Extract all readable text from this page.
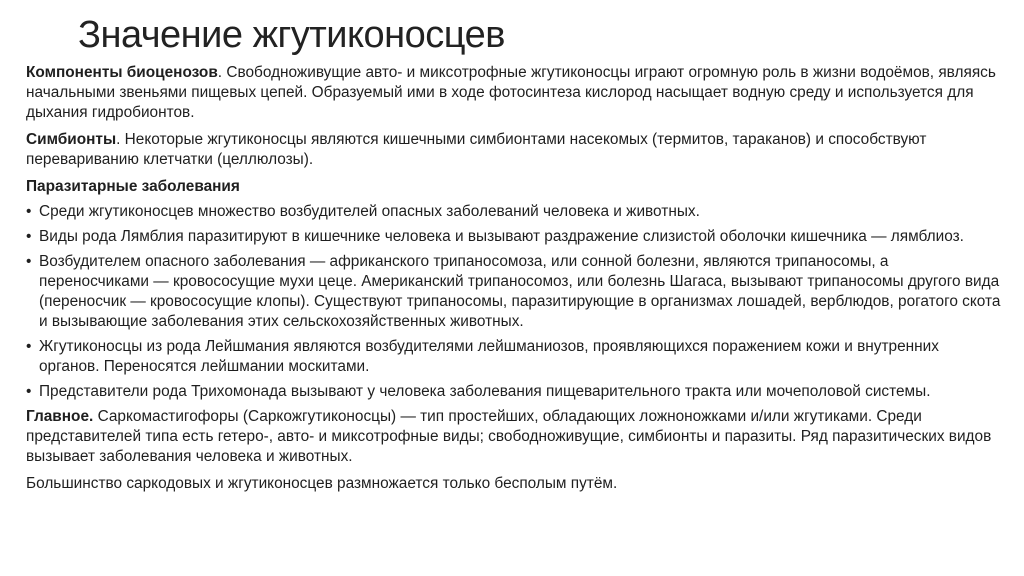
Значение жгутиконосцев

Компоненты биоценозов. Свободноживущие авто- и миксотрофные жгутиконосцы играют огромную роль в жизни водоёмов, являясь начальными звеньями пищевых цепей. Образуемый ими в ходе фотосинтеза кислород насыщает водную среду и используется для дыхания гидробионтов.

Симбионты. Некоторые жгутиконосцы являются кишечными симбионтами насекомых (термитов, тараканов) и способствуют перевариванию клетчатки (целлюлозы).

Паразитарные заболевания

• Среди жгутиконосцев множество возбудителей опасных заболеваний человека и животных.
• Виды рода Лямблия паразитируют в кишечнике человека и вызывают раздражение слизистой оболочки кишечника — лямблиоз.
• Возбудителем опасного заболевания — африканского трипаносомоза, или сонной болезни, являются трипаносомы, а переносчиками — кровососущие мухи цеце. Американский трипаносомоз, или болезнь Шагаса, вызывают трипаносомы другого вида (переносчик — кровососущие клопы). Существуют трипаносомы, паразитирующие в организмах лошадей, верблюдов, рогатого скота и вызывающие заболевания этих сельскохозяйственных животных.
• Жгутиконосцы из рода Лейшмания являются возбудителями лейшманиозов, проявляющихся поражением кожи и внутренних органов. Переносятся лейшмании москитами.
• Представители рода Трихомонада вызывают у человека заболевания пищеварительного тракта или мочеполовой системы.

Главное. Саркомастигофоры (Саркожгутиконосцы) — тип простейших, обладающих ложноножками и/или жгутиками. Среди представителей типа есть гетеро-, авто- и миксотрофные виды; свободноживущие, симбионты и паразиты. Ряд паразитических видов вызывает заболевания человека и животных.

Большинство саркодовых и жгутиконосцев размножается только бесполым путём.
